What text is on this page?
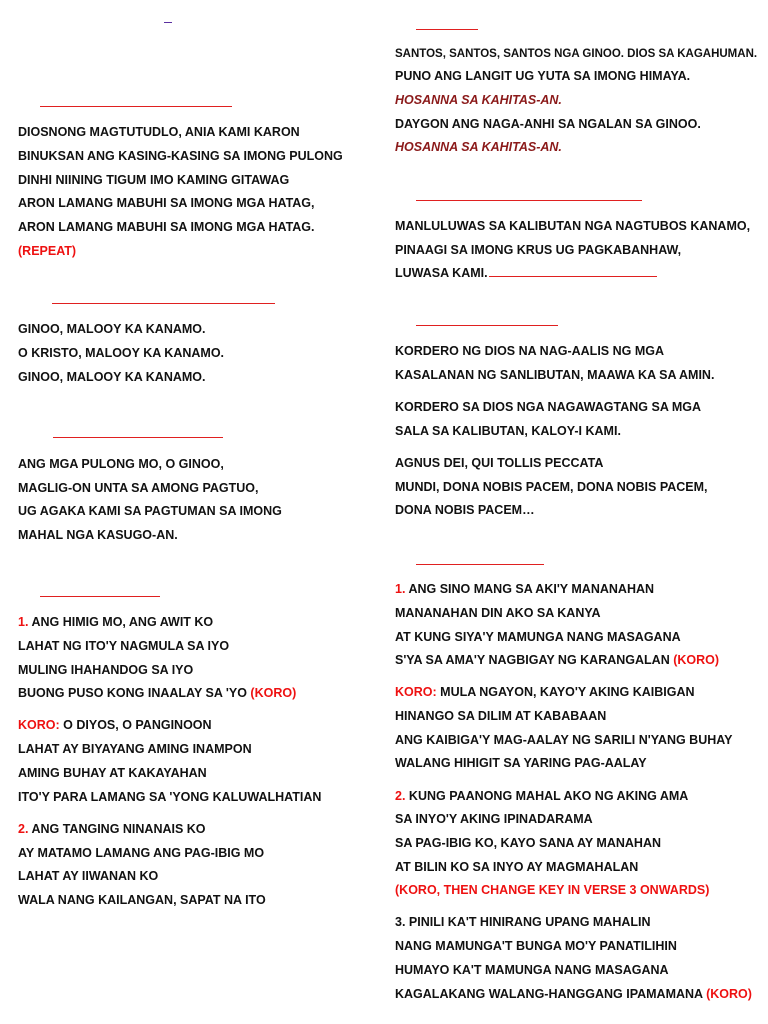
DIOSNONG MAGTUTUDLO, ANIA KAMI KARON
BINUKSAN ANG KASING-KASING SA IMONG PULONG
DINHI NIINING TIGUM IMO KAMING GITAWAG
ARON LAMANG MABUHI SA IMONG MGA HATAG,
ARON LAMANG MABUHI SA IMONG MGA HATAG.
(REPEAT)
GINOO, MALOOY KA KANAMO.
O KRISTO, MALOOY KA KANAMO.
GINOO, MALOOY KA KANAMO.
ANG MGA PULONG MO, O GINOO,
MAGLIG-ON UNTA SA AMONG PAGTUO,
UG AGAKA KAMI SA PAGTUMAN SA IMONG
MAHAL NGA KASUGO-AN.
1. ANG HIMIG MO, ANG AWIT KO
LAHAT NG ITO'Y NAGMULA SA IYO
MULING IHAHANDOG SA IYO
BUONG PUSO KONG INAALAY SA 'YO (KORO)
KORO: O DIYOS, O PANGINOON
LAHAT AY BIYAYANG AMING INAMPON
AMING BUHAY AT KAKAYAHAN
ITO'Y PARA LAMANG SA 'YONG KALUWALHATIAN
2. ANG TANGING NINANAIS KO
AY MATAMO LAMANG ANG PAG-IBIG MO
LAHAT AY IIWANAN KO
WALA NANG KAILANGAN, SAPAT NA ITO
SANTOS, SANTOS, SANTOS NGA GINOO. DIOS SA KAGAHUMAN.
PUNO ANG LANGIT UG YUTA SA IMONG HIMAYA.
HOSANNA SA KAHITAS-AN.
DAYGON ANG NAGA-ANHI SA NGALAN SA GINOO.
HOSANNA SA KAHITAS-AN.
MANLULUWAS SA KALIBUTAN NGA NAGTUBOS KANAMO,
PINAAGI SA IMONG KRUS UG PAGKABANHAW,
LUWASA KAMI.
KORDERO NG DIOS NA NAG-AALIS NG MGA
KASALANAN NG SANLIBUTAN, MAAWA KA SA AMIN.
KORDERO SA DIOS NGA NAGAWAGTANG SA MGA
SALA SA KALIBUTAN, KALOY-I KAMI.
AGNUS DEI, QUI TOLLIS PECCATA
MUNDI, DONA NOBIS PACEM, DONA NOBIS PACEM,
DONA NOBIS PACEM…
1. ANG SINO MANG SA AKI'Y MANANAHAN
MANANAHAN DIN AKO SA KANYA
AT KUNG SIYA'Y MAMUNGA NANG MASAGANA
S'YA SA AMA'Y NAGBIGAY NG KARANGALAN (KORO)
KORO: MULA NGAYON, KAYO'Y AKING KAIBIGAN
HINANGO SA DILIM AT KABABAAN
ANG KAIBIGA'Y MAG-AALAY NG SARILI N'YANG BUHAY
WALANG HIHIGIT SA YARING PAG-AALAY
2. KUNG PAANONG MAHAL AKO NG AKING AMA
SA INYO'Y AKING IPINADARAMA
SA PAG-IBIG KO, KAYO SANA AY MANAHAN
AT BILIN KO SA INYO AY MAGMAHALAN
(KORO, THEN CHANGE KEY IN VERSE 3 ONWARDS)
3. PINILI KA'T HINIRANG UPANG MAHALIN
NANG MAMUNGA'T BUNGA MO'Y PANATILIHIN
HUMAYO KA'T MAMUNGA NANG MASAGANA
KAGALAKANG WALANG-HANGGANG IPAMAMANA (KORO)
